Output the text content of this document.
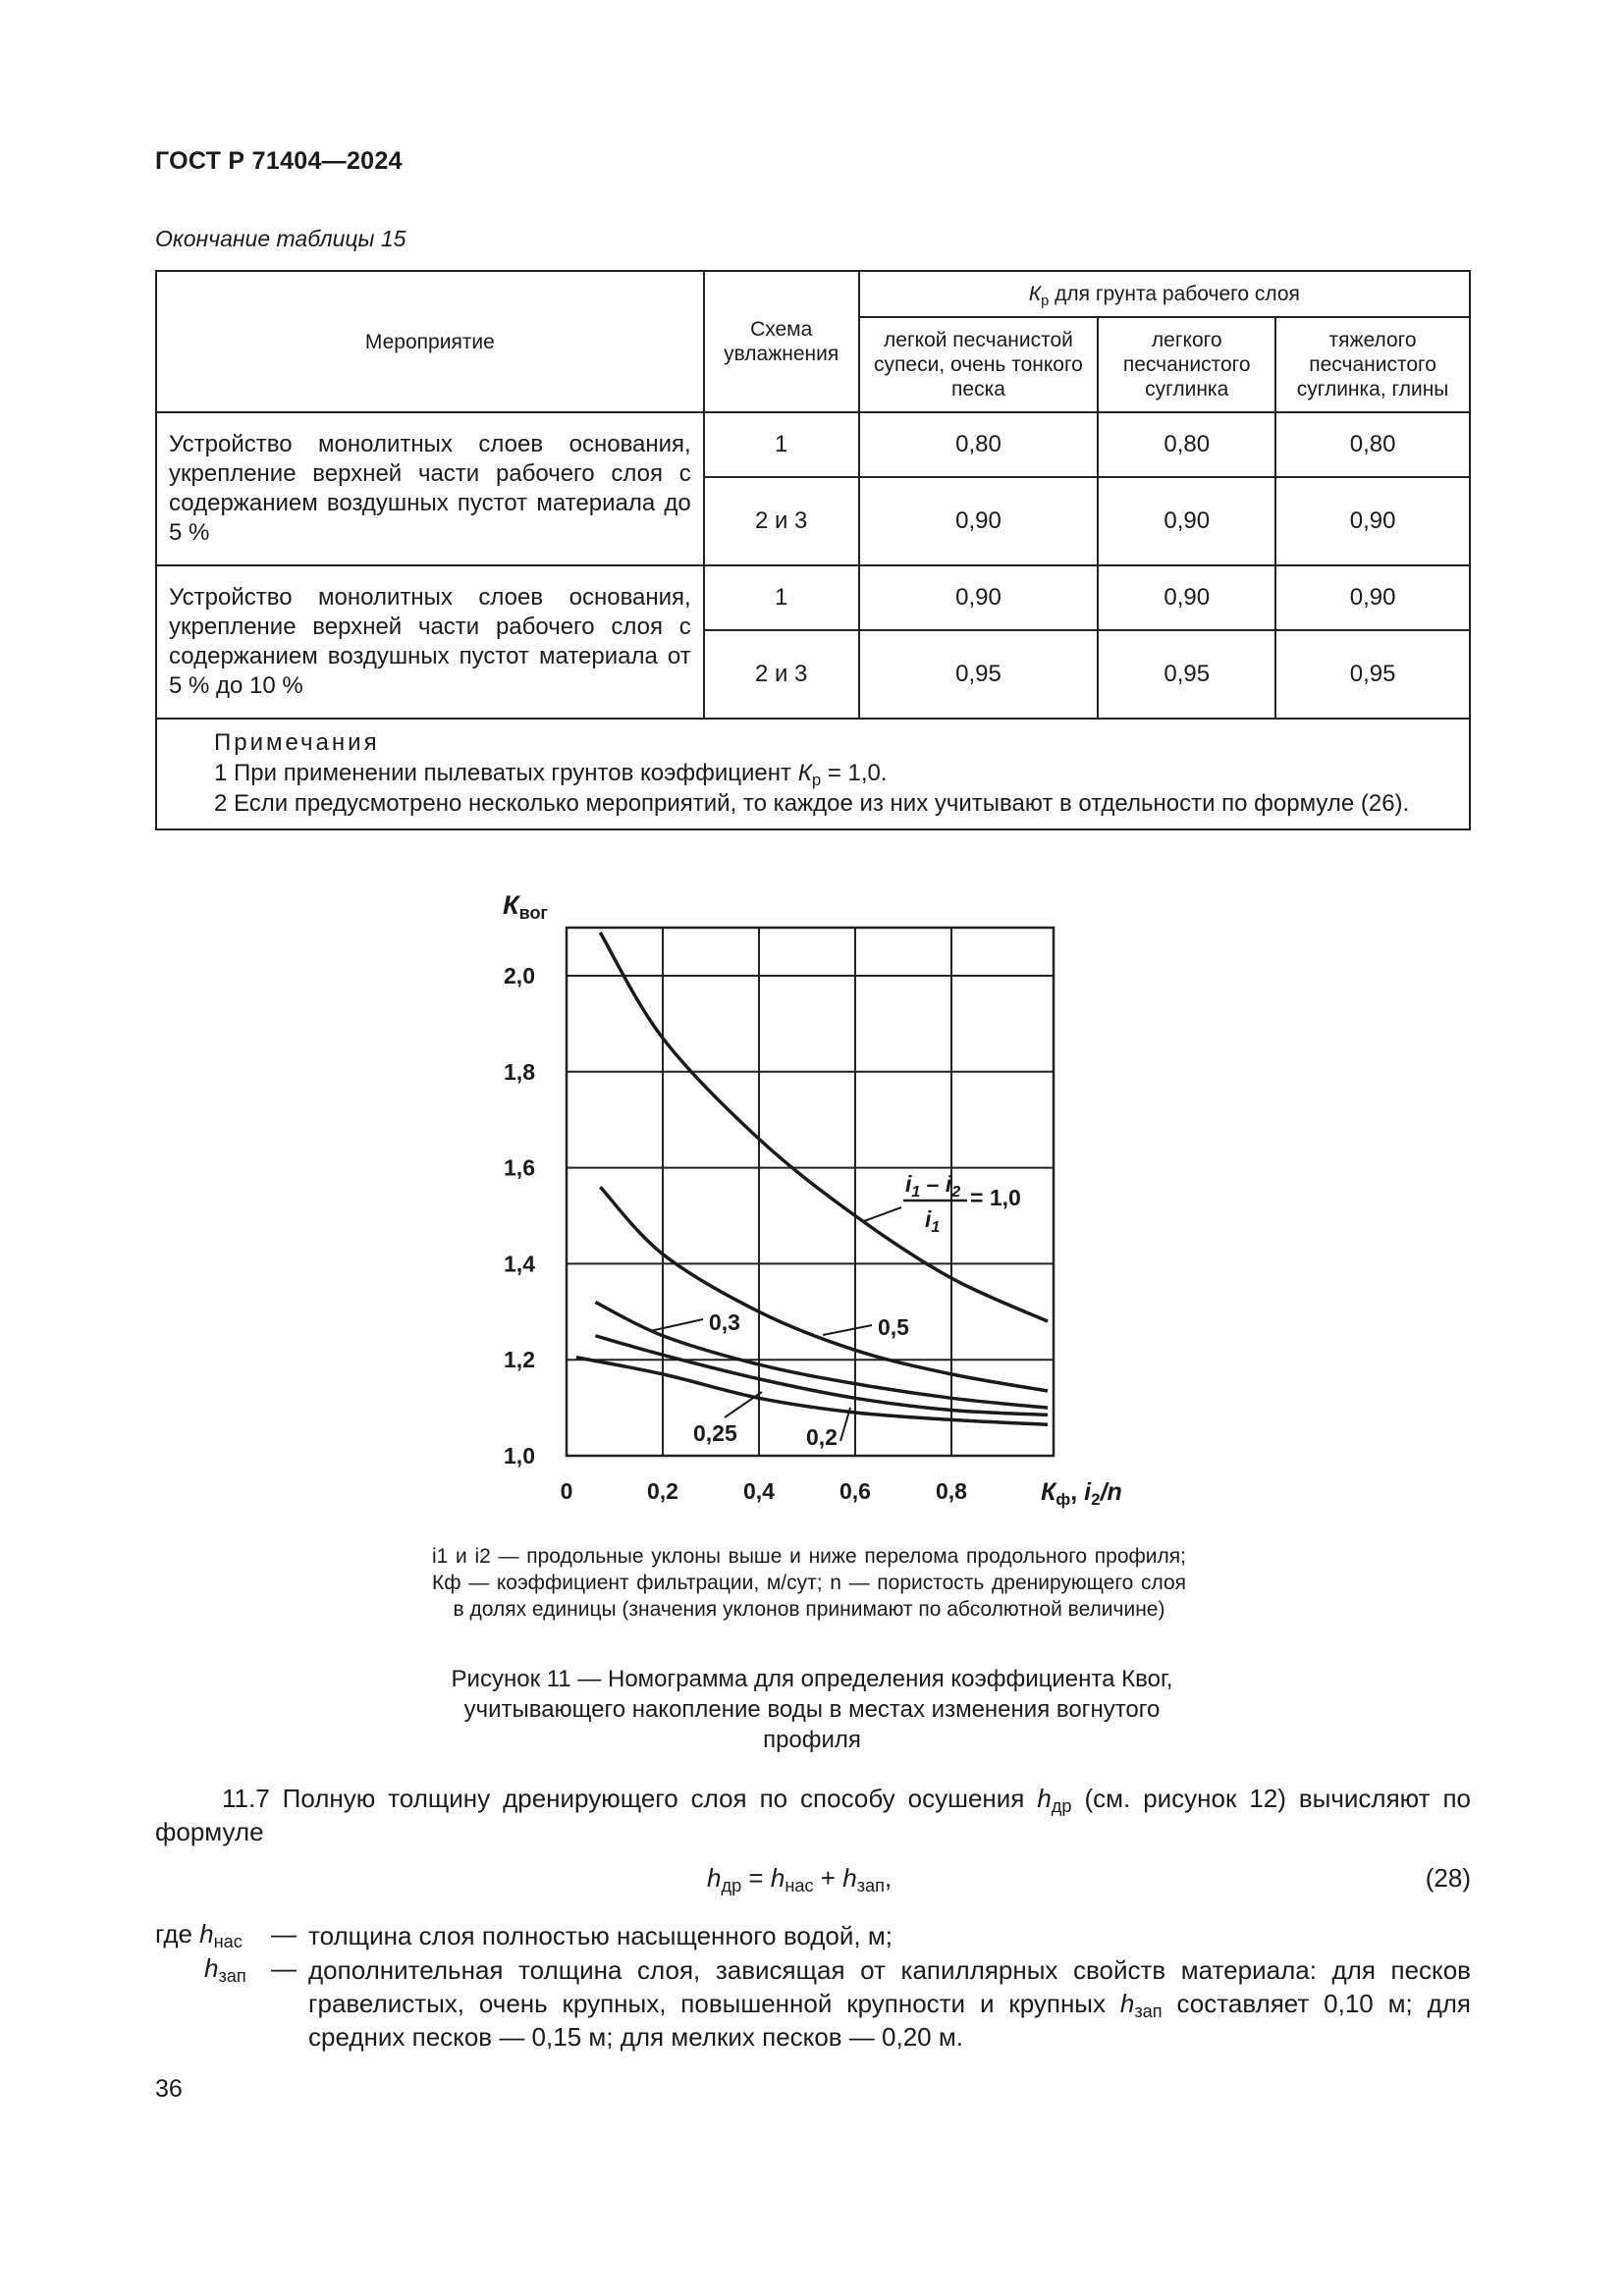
ГОСТ Р 71404—2024
Окончание таблицы 15
Мероприятие	Схема увлажнения	$К_р$ для грунта рабочего слоя		
		легкой песчанистой супеси, очень тонкого песка	легкого песчанистого суглинка	тяжелого песчанистого суглинка, глины
Устройство монолитных слоев основания, укрепление верхней части рабочего слоя с содержанием воздушных пустот материала до 5 %	1	0,80	0,80	0,80
	2 и 3	0,90	0,90	0,90
Устройство монолитных слоев основания, укрепление верхней части рабочего слоя с содержанием воздушных пустот материала от 5 % до 10 %	1	0,90	0,90	0,90
	2 и 3	0,95	0,95	0,95

Примечания
1 При применении пылеватых грунтов коэффициент $К_р = 1,0$.
2 Если предусмотрено несколько мероприятий, то каждое из них учитывают в отдельности по формуле (26).				
0	0,2	0,4	0,6	0,8
1,0
1,2
1,4
1,6
1,8
2,0
Квог
$К_ф$, $i_2/n$
$i_1 - i_2$
$i_1$
= 1,0
0,5
0,3
0,25	0,2
i1 и i2 — продольные уклоны выше и ниже перелома продольного профиля; Кф — коэффициент фильтрации, м/сут; n — пористость дренирующего слоя в долях единицы (значения уклонов принимают по абсолютной величине)
Рисунок 11 — Номограмма для определения коэффициента Квог, учитывающего накопление воды в местах изменения вогнутого профиля
11.7 Полную толщину дренирующего слоя по способу осушения $h_{др}$ (см. рисунок 12) вычисляют по формуле
$h_{др} = h_{нас} + h_{зап}$,	(28)
где $h_{нас}$ — толщина слоя полностью насыщенного водой, м;
$h_{зап}$ — дополнительная толщина слоя, зависящая от капиллярных свойств материала: для песков гравелистых, очень крупных, повышенной крупности и крупных $h_{зап}$ составляет 0,10 м; для средних песков — 0,15 м; для мелких песков — 0,20 м.
36
